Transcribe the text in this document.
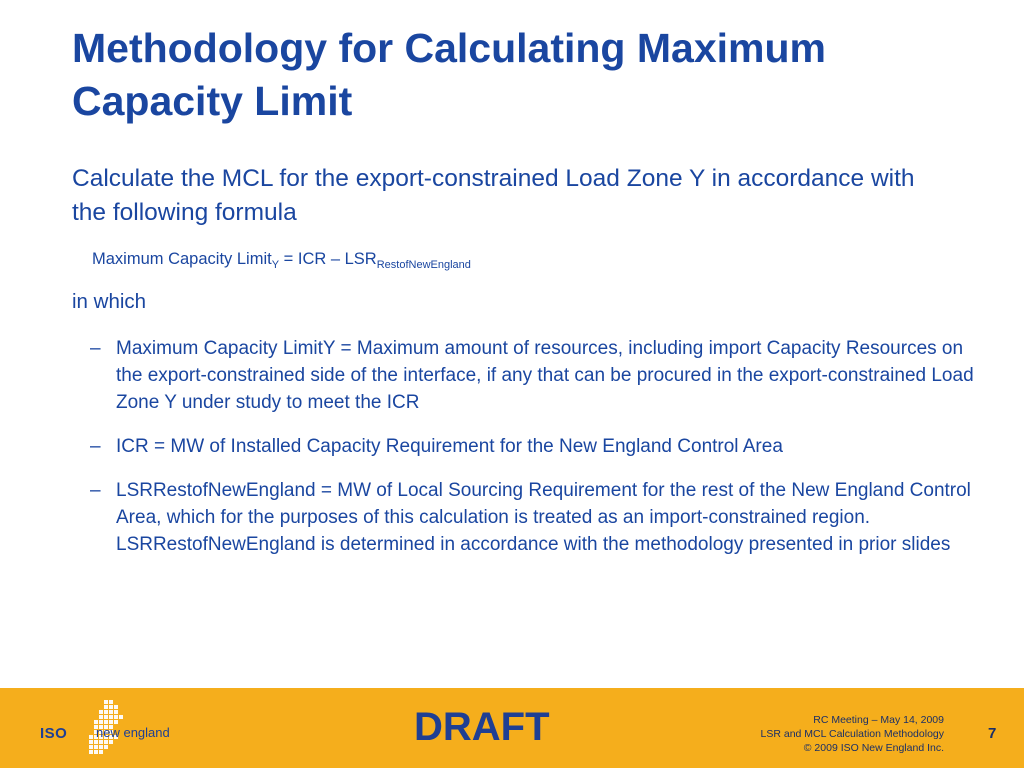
Methodology for Calculating Maximum Capacity Limit

Calculate the MCL for the export-constrained Load Zone Y in accordance with the following formula

Maximum Capacity Limit$_Y$ = ICR – $LSR_{RestofNewEngland}$

in which

– Maximum Capacity LimitY = Maximum amount of resources, including import Capacity Resources on the export-constrained side of the interface, if any that can be procured in the export-constrained Load Zone Y under study to meet the ICR
– ICR = MW of Installed Capacity Requirement for the New England Control Area
– LSRRestofNewEngland = MW of Local Sourcing Requirement for the rest of the New England Control Area, which for the purposes of this calculation is treated as an import-constrained region. LSRRestofNewEngland is determined in accordance with the methodology presented in prior slides
ISO new england	DRAFT	RC Meeting – May 14, 2009
LSR and MCL Calculation Methodology
© 2009 ISO New England Inc.
7
